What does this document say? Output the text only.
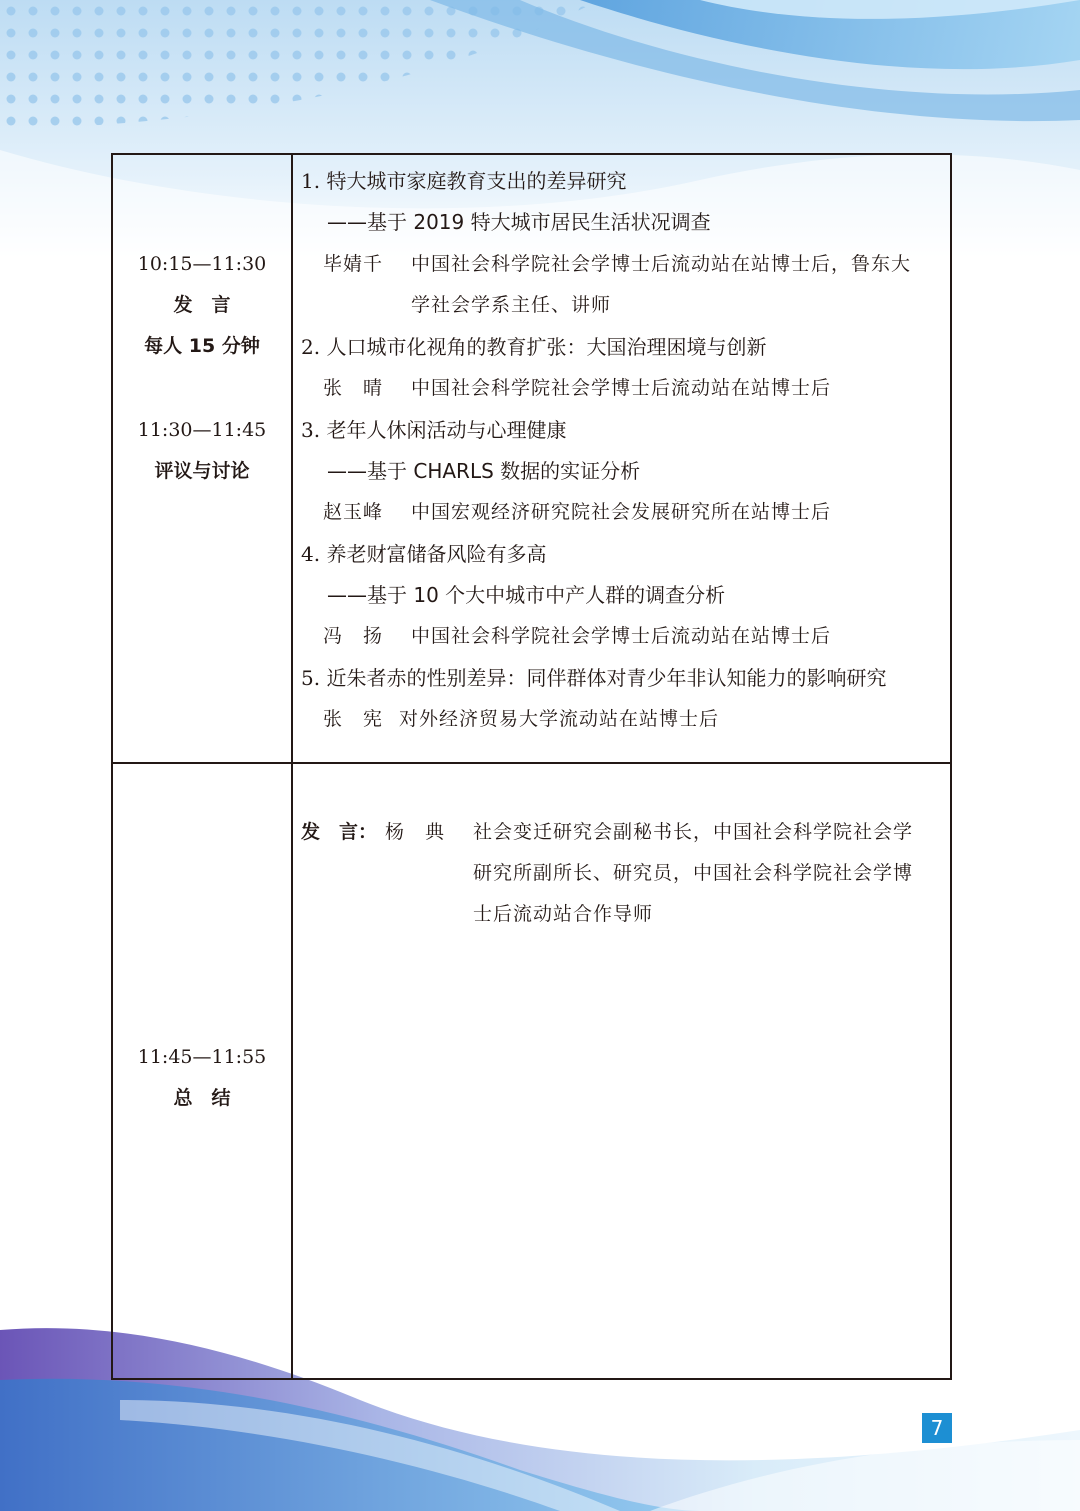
10:15—11:30
发　言
每人 15 分钟
11:30—11:45
评议与讨论
11:45—11:55
总　结
1. 特大城市家庭教育支出的差异研究
——基于 2019 特大城市居民生活状况调查
毕婧千 中国社会科学院社会学博士后流动站在站博士后，鲁东大
学社会学系主任、讲师
2. 人口城市化视角的教育扩张：大国治理困境与创新
张　晴 中国社会科学院社会学博士后流动站在站博士后
3. 老年人休闲活动与心理健康
——基于 CHARLS 数据的实证分析
赵玉峰 中国宏观经济研究院社会发展研究所在站博士后
4. 养老财富储备风险有多高
——基于 10 个大中城市中产人群的调查分析
冯　扬 中国社会科学院社会学博士后流动站在站博士后
5. 近朱者赤的性别差异：同伴群体对青少年非认知能力的影响研究
张　宪 对外经济贸易大学流动站在站博士后
发　言： 杨　典 社会变迁研究会副秘书长，中国社会科学院社会学
研究所副所长、研究员，中国社会科学院社会学博
士后流动站合作导师
7
